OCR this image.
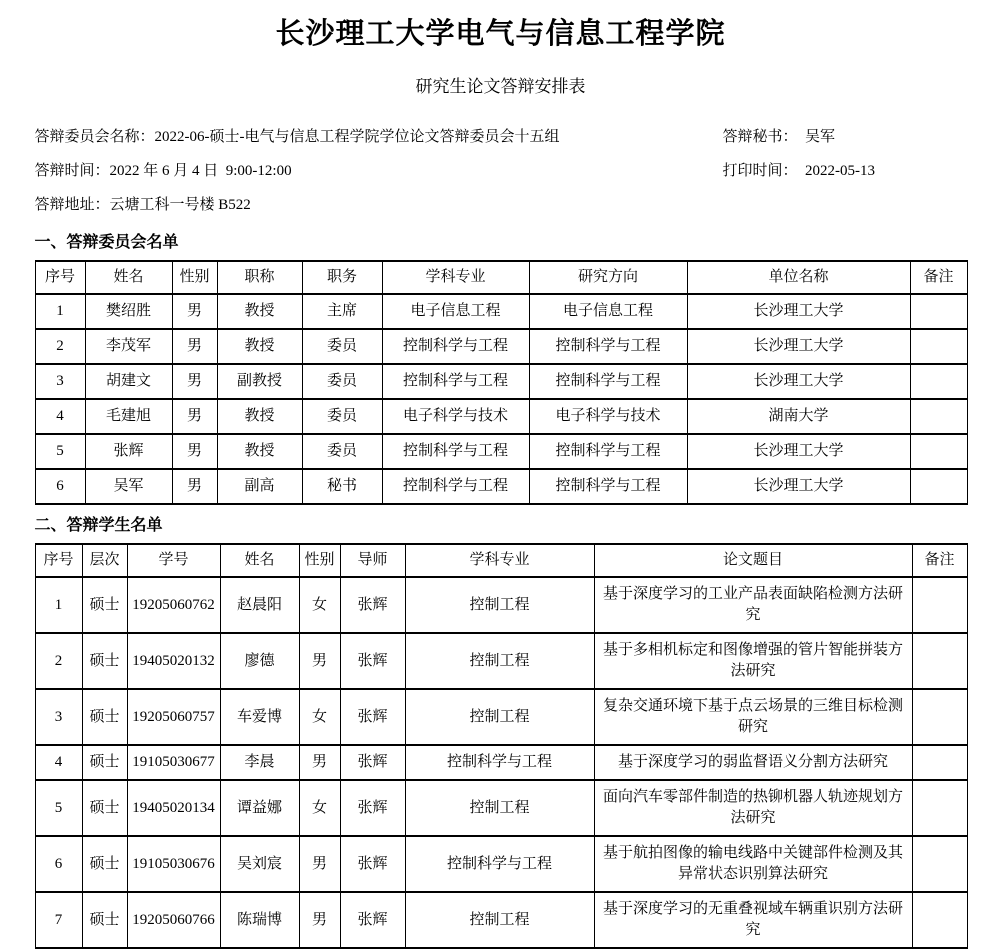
长沙理工大学电气与信息工程学院
研究生论文答辩安排表
答辩委员会名称：2022-06-硕士-电气与信息工程学院学位论文答辩委员会十五组	答辩秘书：  吴军
答辩时间：2022 年 6 月 4 日  9:00-12:00	打印时间：  2022-05-13
答辩地址：云塘工科一号楼 B522
一、答辩委员会名单
序号	姓名	性别	职称	职务	学科专业	研究方向	单位名称	备注
1	樊绍胜	男	教授	主席	电子信息工程	电子信息工程	长沙理工大学	
2	李茂军	男	教授	委员	控制科学与工程	控制科学与工程	长沙理工大学	
3	胡建文	男	副教授	委员	控制科学与工程	控制科学与工程	长沙理工大学	
4	毛建旭	男	教授	委员	电子科学与技术	电子科学与技术	湖南大学	
5	张辉	男	教授	委员	控制科学与工程	控制科学与工程	长沙理工大学	
6	吴军	男	副高	秘书	控制科学与工程	控制科学与工程	长沙理工大学	
二、答辩学生名单
序号	层次	学号	姓名	性别	导师	学科专业	论文题目	备注
1	硕士	19205060762	赵晨阳	女	张辉	控制工程	基于深度学习的工业产品表面缺陷检测方法研究	
2	硕士	19405020132	廖德	男	张辉	控制工程	基于多相机标定和图像增强的管片智能拼装方法研究	
3	硕士	19205060757	车爱博	女	张辉	控制工程	复杂交通环境下基于点云场景的三维目标检测研究	
4	硕士	19105030677	李晨	男	张辉	控制科学与工程	基于深度学习的弱监督语义分割方法研究	
5	硕士	19405020134	谭益娜	女	张辉	控制工程	面向汽车零部件制造的热铆机器人轨迹规划方法研究	
6	硕士	19105030676	吴刘宸	男	张辉	控制科学与工程	基于航拍图像的输电线路中关键部件检测及其异常状态识别算法研究	
7	硕士	19205060766	陈瑞博	男	张辉	控制工程	基于深度学习的无重叠视域车辆重识别方法研究	
